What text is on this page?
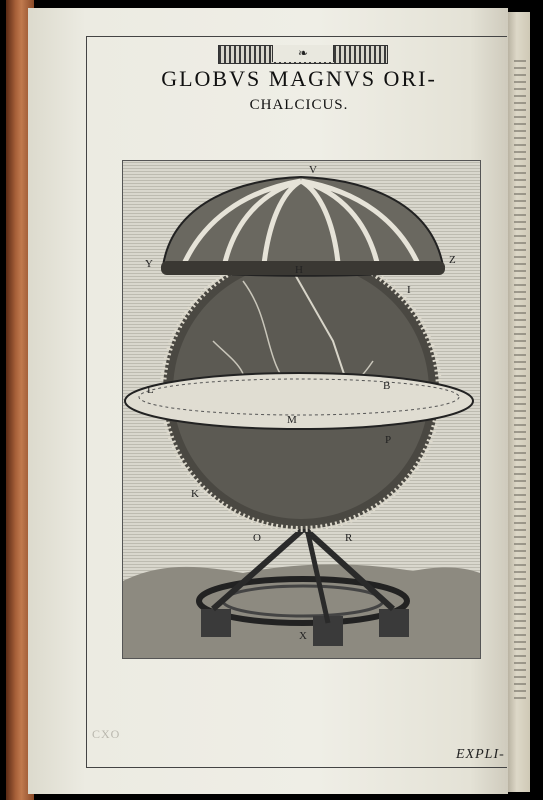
❧
GLOBVS MAGNVS ORI-
CHALCICUS.
Y	Z
V
H
I
B
L
M
K
O	R
P
X
CXO
EXPLI-
